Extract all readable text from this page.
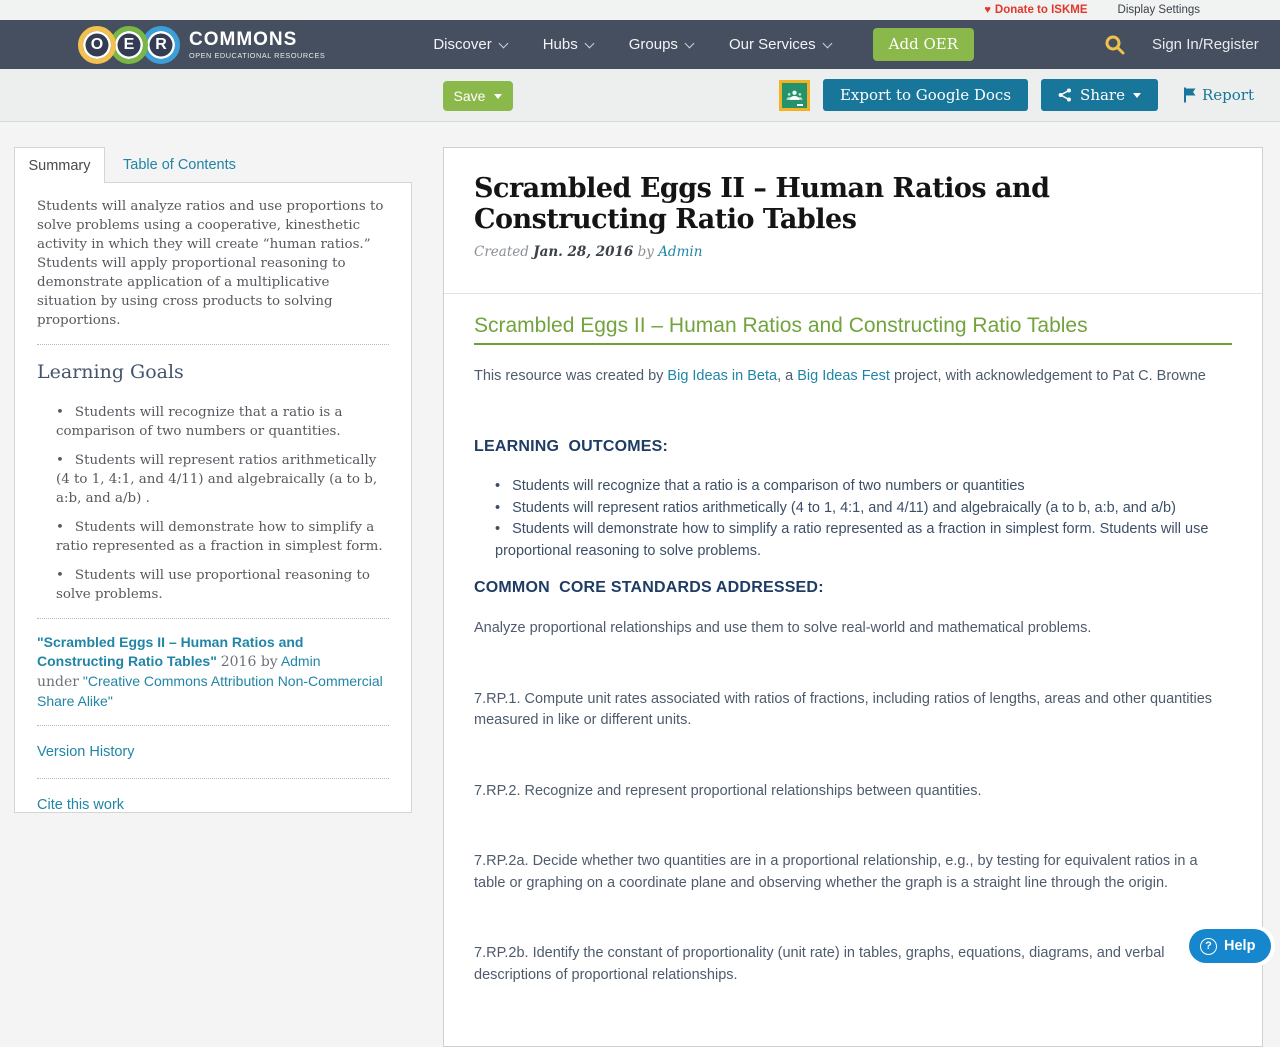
♥
Donate to ISKME	Display Settings
O	E	R	COMMONS
OPEN EDUCATIONAL RESOURCES
Discover	Hubs	Groups	Our Services	Add OER	Sign In/Register
Save	Export to Google Docs	Share	Report
Summary	Table of Contents

Students will analyze ratios and use proportions to solve problems using a cooperative, kinesthetic activity in which they will create “human ratios.” Students will apply proportional reasoning to demonstrate application of a multiplicative situation by using cross products to solving proportions.

Learning Goals
• Students will recognize that a ratio is a comparison of two numbers or quantities.
• Students will represent ratios arithmetically (4 to 1, 4:1, and 4/11) and algebraically (a to b, a:b, and a/b) .
• Students will demonstrate how to simplify a ratio represented as a fraction in simplest form.
• Students will use proportional reasoning to solve problems.

"Scrambled Eggs II – Human Ratios and Constructing Ratio Tables" 2016 by Admin
under "Creative Commons Attribution Non-Commercial Share Alike"

Version History
Cite this work
Scrambled Eggs II – Human Ratios and Constructing Ratio Tables

Created Jan. 28, 2016 by Admin

Scrambled Eggs II – Human Ratios and Constructing Ratio Tables

This resource was created by Big Ideas in Beta, a Big Ideas Fest project, with acknowledgement to Pat C. Browne

LEARNING  OUTCOMES:
• Students will recognize that a ratio is a comparison of two numbers or quantities
• Students will represent ratios arithmetically (4 to 1, 4:1, and 4/11) and algebraically (a to b, a:b, and a/b)
• Students will demonstrate how to simplify a ratio represented as a fraction in simplest form. Students will use proportional reasoning to solve problems.
COMMON  CORE STANDARDS ADDRESSED:

Analyze proportional relationships and use them to solve real-world and mathematical problems.

7.RP.1. Compute unit rates associated with ratios of fractions, including ratios of lengths, areas and other quantities measured in like or different units.

7.RP.2. Recognize and represent proportional relationships between quantities.

7.RP.2a. Decide whether two quantities are in a proportional relationship, e.g., by testing for equivalent ratios in a table or graphing on a coordinate plane and observing whether the graph is a straight line through the origin.

7.RP.2b. Identify the constant of proportionality (unit rate) in tables, graphs, equations, diagrams, and verbal descriptions of proportional relationships.

? Help
